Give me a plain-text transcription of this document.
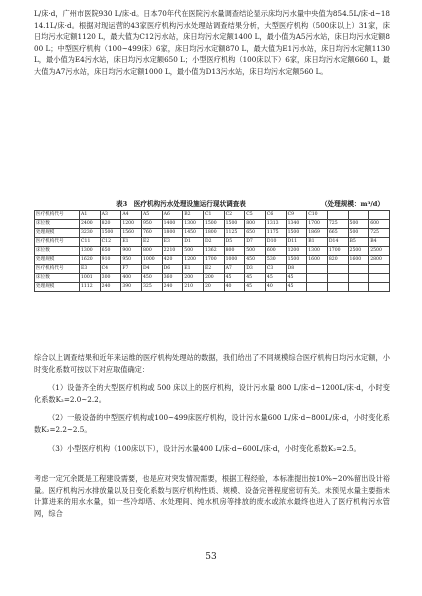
L/床·d，广州市医院930 L/床·d。日本70年代在医院污水量调查结论显示床均污水量中央值为854.5L/床·d~1814.1L/床·d。根据对现运营的43家医疗机构污水处理站调查结果分析，大型医疗机构（500床以上）31家，床日均污水定额1120 L，最大值为C12污水站，床日均污水定额1400 L，最小值为A5污水站，床日均污水定额800 L；中型医疗机构（100~499床）6家，床日均污水定额870 L，最大值为E1污水站，床日均污水定额1130 L，最小值为E4污水站，床日均污水定额650 L；小型医疗机构（100床以下）6家，床日均污水定额660 L，最大值为A7污水站，床日均污水定额1000 L，最小值为D13污水站，床日均污水定额560 L。
表3　医疗机构污水处理设施运行现状调查表	（处理规模：m³/d）
医疗机构代号	A1	A3	A4	A5	A6	B2	C1	C2	C5	C6	C9	C10			
床位数	2400	820	1200	950	1400	1300	1500	1500	800	1313	1340	1700	725	500	600
处理规模	3230	1500	1560	760	1800	1450	1800	1125	650	1175	1500	1869	665	500	725
医疗机构代号	C11	C12	E1	E2	E3	D1	D2	D5	D7	D10	D11	B1	D14	B5	B4
床位数	1300	650	900	800	2210	500	1362	800	500	600	1200	1300	1700	2500	2500
处理规模	1620	910	950	1000	420	1200	1700	1000	450	530	1500	1600	820	1600	2800
医疗机构代号	E3	C4	F7	D4	D6	E1	E2	A7	D3	C3	D8				
床位数	1001	300	400	450	360	200	200	45	45	45	45				
处理规模	1112	240	390	325	240	210	20	40	45	40	45				
综合以上调查结果和近年来运维的医疗机构处理站的数据，我们给出了不同规模综合医疗机构日均污水定额，小时变化系数可按以下对应取值确定：
（1）设备齐全的大型医疗机构或 500 床以上的医疗机构，设计污水量 800 L/床·d~1200L/床·d，小时变化系数K₂=2.0~2.2。
（2）一般设备的中型医疗机构或100~499床医疗机构，设计污水量600 L/床·d~800L/床·d，小时变化系数K₂=2.2~2.5。
（3）小型医疗机构（100床以下），设计污水量400 L/床·d~600L/床·d，小时变化系数K₂=2.5。
考虑一定冗余既是工程建设需要，也是应对突发情况需要，根据工程经验，本标准提出按10%~20%留出设计裕量。医疗机构污水排放量以及日变化系数与医疗机构性质、规模、设备完善程度密切有关。未预见水量主要指未计算进来的用水水量，如一些冷却塔、水处理间、纯水机房等排放的废水或浓水最终也进入了医疗机构污水管网，综合
53
